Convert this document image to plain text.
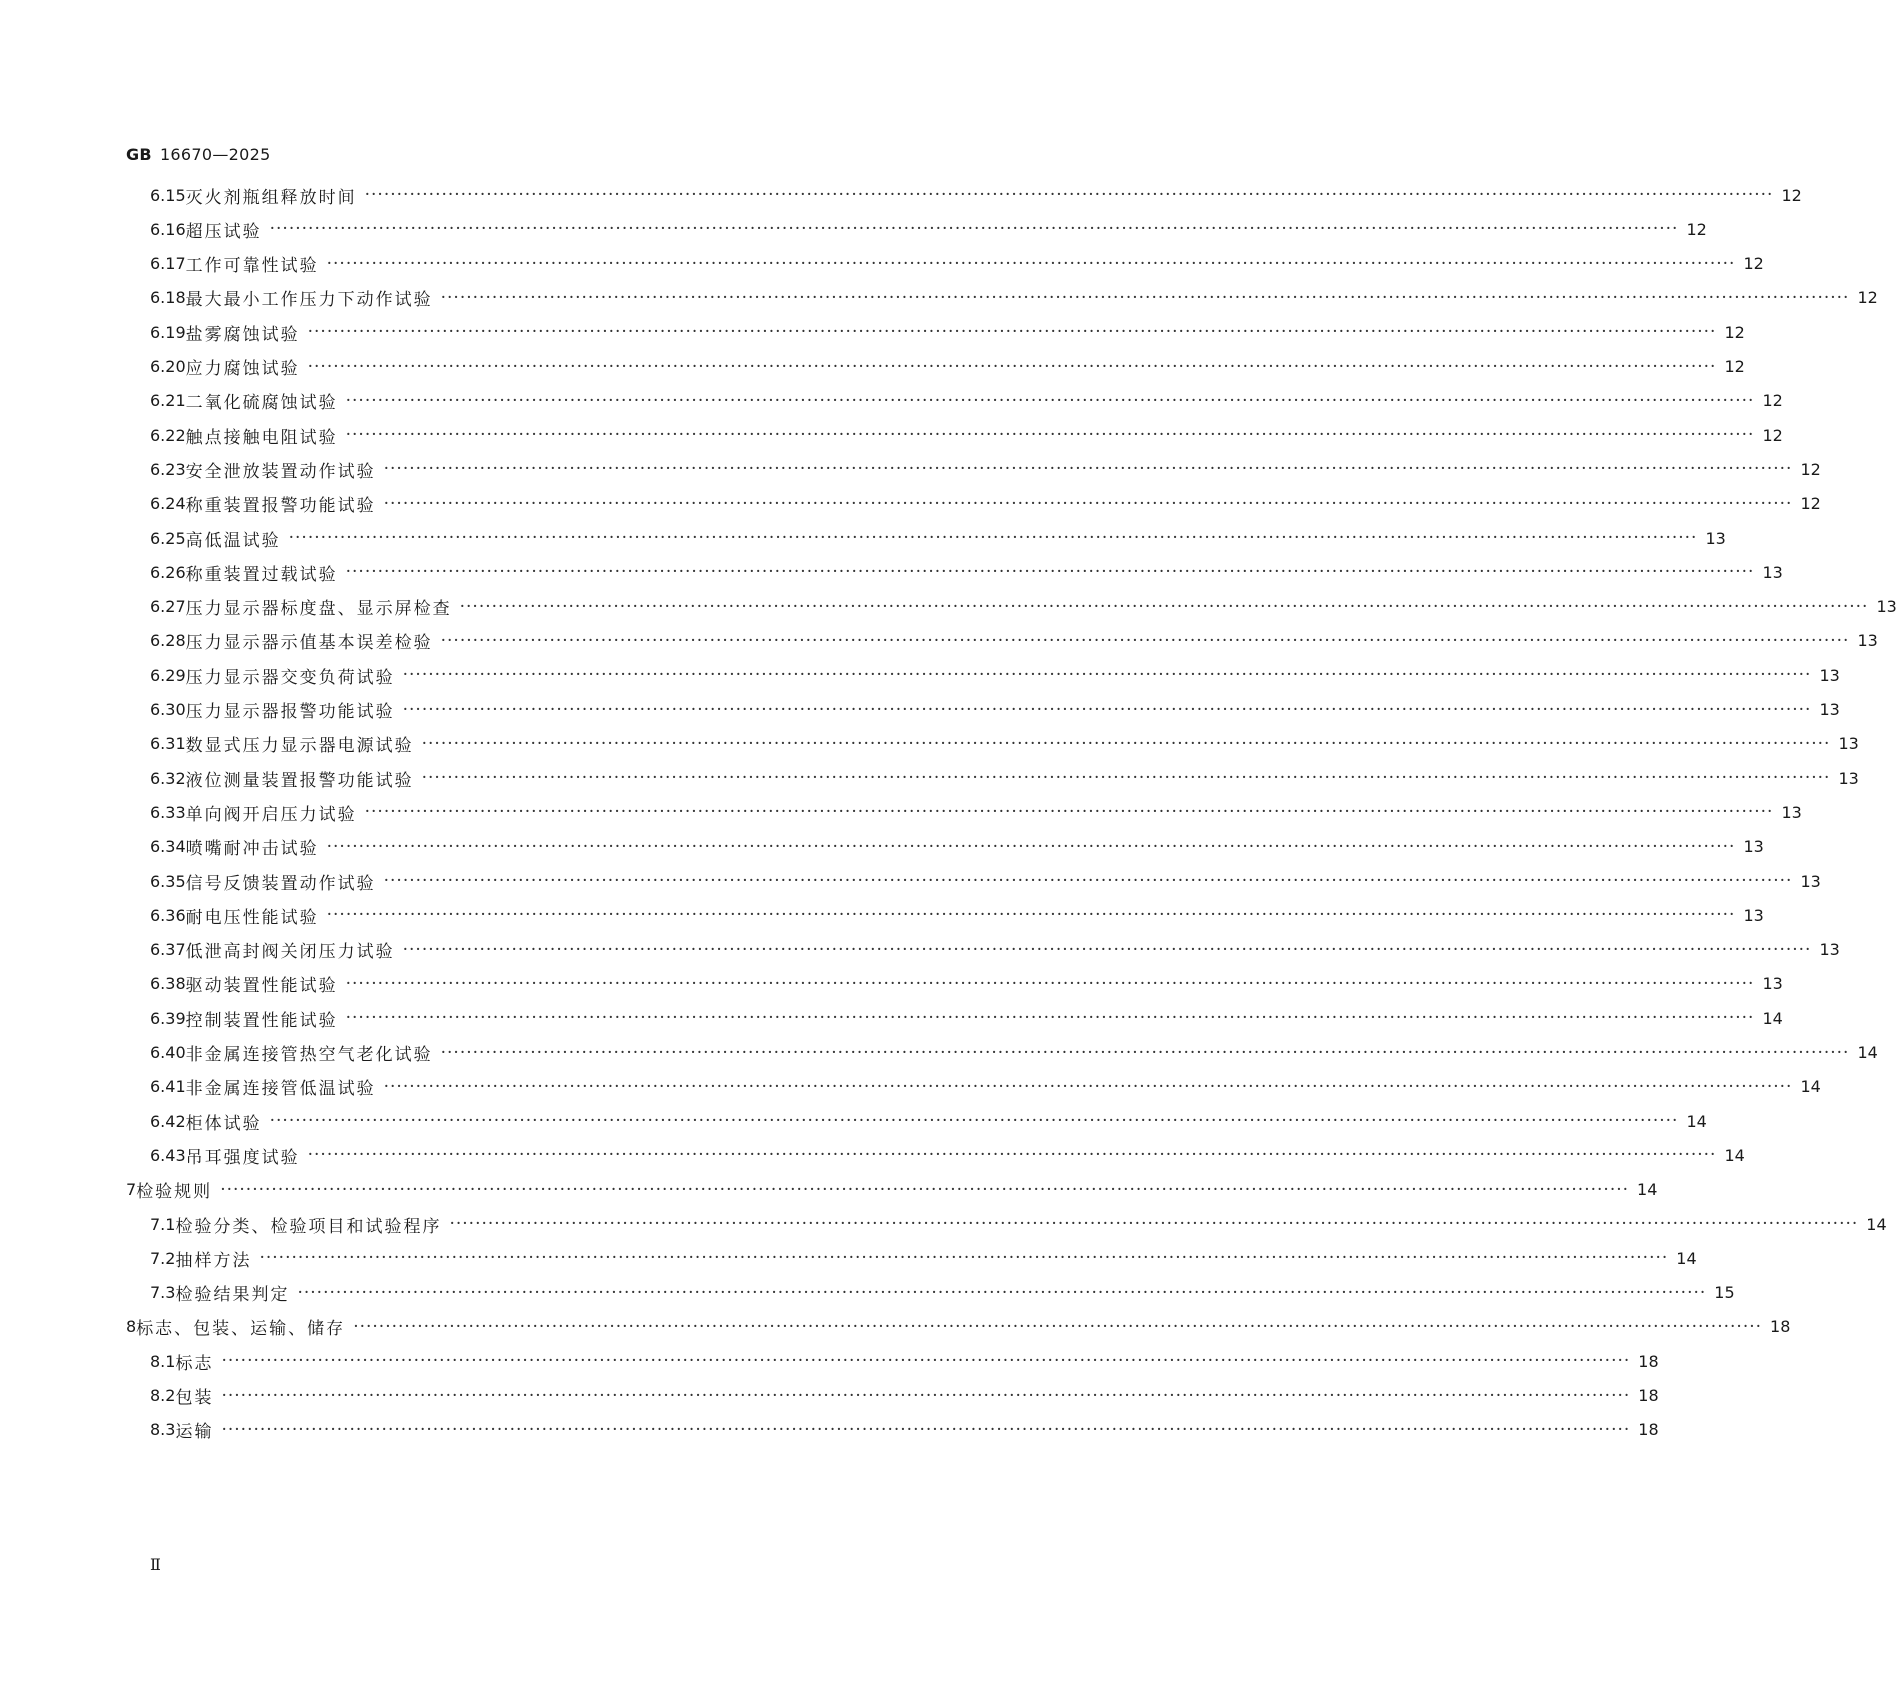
GB 16670—2025
6.15 灭火剂瓶组释放时间 ···························································································································································································································· 12
6.16 超压试验 ···························································································································································································································· 12
6.17 工作可靠性试验 ···························································································································································································································· 12
6.18 最大最小工作压力下动作试验 ···························································································································································································································· 12
6.19 盐雾腐蚀试验 ···························································································································································································································· 12
6.20 应力腐蚀试验 ···························································································································································································································· 12
6.21 二氧化硫腐蚀试验 ···························································································································································································································· 12
6.22 触点接触电阻试验 ···························································································································································································································· 12
6.23 安全泄放装置动作试验 ···························································································································································································································· 12
6.24 称重装置报警功能试验 ···························································································································································································································· 12
6.25 高低温试验 ···························································································································································································································· 13
6.26 称重装置过载试验 ···························································································································································································································· 13
6.27 压力显示器标度盘、显示屏检查 ···························································································································································································································· 13
6.28 压力显示器示值基本误差检验 ···························································································································································································································· 13
6.29 压力显示器交变负荷试验 ···························································································································································································································· 13
6.30 压力显示器报警功能试验 ···························································································································································································································· 13
6.31 数显式压力显示器电源试验 ···························································································································································································································· 13
6.32 液位测量装置报警功能试验 ···························································································································································································································· 13
6.33 单向阀开启压力试验 ···························································································································································································································· 13
6.34 喷嘴耐冲击试验 ···························································································································································································································· 13
6.35 信号反馈装置动作试验 ···························································································································································································································· 13
6.36 耐电压性能试验 ···························································································································································································································· 13
6.37 低泄高封阀关闭压力试验 ···························································································································································································································· 13
6.38 驱动装置性能试验 ···························································································································································································································· 13
6.39 控制装置性能试验 ···························································································································································································································· 14
6.40 非金属连接管热空气老化试验 ···························································································································································································································· 14
6.41 非金属连接管低温试验 ···························································································································································································································· 14
6.42 柜体试验 ···························································································································································································································· 14
6.43 吊耳强度试验 ···························································································································································································································· 14
7 检验规则 ···························································································································································································································· 14
7.1 检验分类、检验项目和试验程序 ···························································································································································································································· 14
7.2 抽样方法 ···························································································································································································································· 14
7.3 检验结果判定 ···························································································································································································································· 15
8 标志、包装、运输、储存 ···························································································································································································································· 18
8.1 标志 ···························································································································································································································· 18
8.2 包装 ···························································································································································································································· 18
8.3 运输 ···························································································································································································································· 18
Ⅱ
